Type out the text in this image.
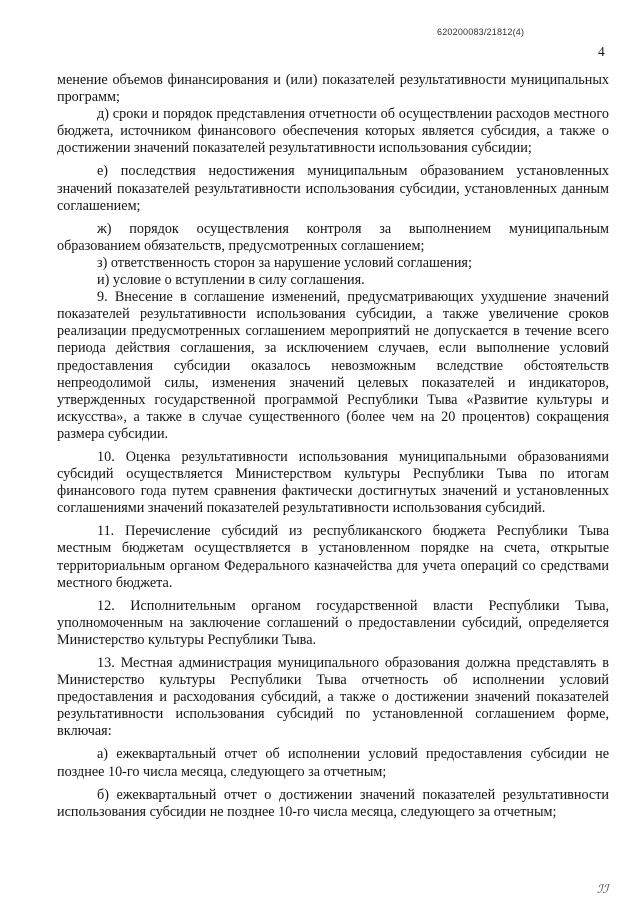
620200083/21812(4)
4

менение объемов финансирования и (или) показателей результативности муниципальных программ;

д) сроки и порядок представления отчетности об осуществлении расходов местного бюджета, источником финансового обеспечения которых является субсидия, а также о достижении значений показателей результативности использования субсидии;

е) последствия недостижения муниципальным образованием установленных значений показателей результативности использования субсидии, установленных данным соглашением;

ж) порядок осуществления контроля за выполнением муниципальным образованием обязательств, предусмотренных соглашением;

з) ответственность сторон за нарушение условий соглашения;

и) условие о вступлении в силу соглашения.

9. Внесение в соглашение изменений, предусматривающих ухудшение значений показателей результативности использования субсидии, а также увеличение сроков реализации предусмотренных соглашением мероприятий не допускается в течение всего периода действия соглашения, за исключением случаев, если выполнение условий предоставления субсидии оказалось невозможным вследствие обстоятельств непреодолимой силы, изменения значений целевых показателей и индикаторов, утвержденных государственной программой Республики Тыва «Развитие культуры и искусства», а также в случае существенного (более чем на 20 процентов) сокращения размера субсидии.

10. Оценка результативности использования муниципальными образованиями субсидий осуществляется Министерством культуры Республики Тыва по итогам финансового года путем сравнения фактически достигнутых значений и установленных соглашениями значений показателей результативности использования субсидий.

11. Перечисление субсидий из республиканского бюджета Республики Тыва местным бюджетам осуществляется в установленном порядке на счета, открытые территориальным органом Федерального казначейства для учета операций со средствами местного бюджета.

12. Исполнительным органом государственной власти Республики Тыва, уполномоченным на заключение соглашений о предоставлении субсидий, определяется Министерство культуры Республики Тыва.

13. Местная администрация муниципального образования должна представлять в Министерство культуры Республики Тыва отчетность об исполнении условий предоставления и расходования субсидий, а также о достижении значений показателей результативности использования субсидий по установленной соглашением форме, включая:

а) ежеквартальный отчет об исполнении условий предоставления субсидии не позднее 10-го числа месяца, следующего за отчетным;

б) ежеквартальный отчет о достижении значений показателей результативности использования субсидии не позднее 10-го числа месяца, следующего за отчетным;

ℐℐ
